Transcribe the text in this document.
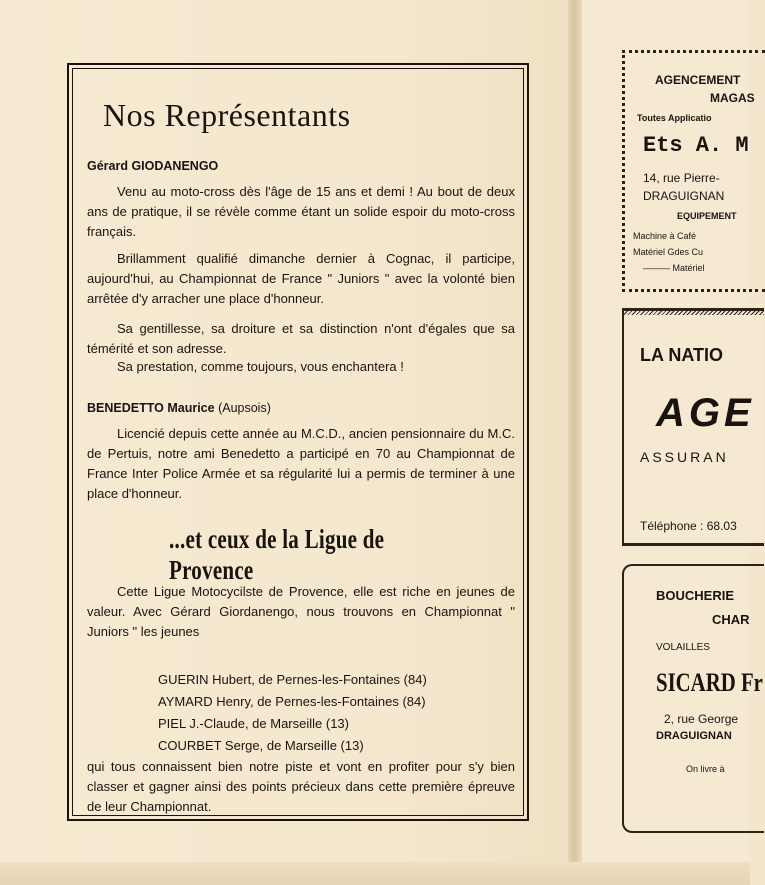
Nos Représentants

Gérard GIODANENGO

Venu au moto-cross dès l'âge de 15 ans et demi ! Au bout de deux ans de pratique, il se révèle comme étant un solide espoir du moto-cross français.

Brillamment qualifié dimanche dernier à Cognac, il participe, aujourd'hui, au Championnat de France " Juniors " avec la volonté bien arrêtée d'y arracher une place d'honneur.

Sa gentillesse, sa droiture et sa distinction n'ont d'égales que sa témérité et son adresse.

Sa prestation, comme toujours, vous enchantera !

BENEDETTO Maurice (Aupsois)

Licencié depuis cette année au M.C.D., ancien pensionnaire du M.C. de Pertuis, notre ami Benedetto a participé en 70 au Championnat de France Inter Police Armée et sa régularité lui a permis de terminer à une place d'honneur.

...et ceux de la Ligue de Provence

Cette Ligue Motocycilste de Provence, elle est riche en jeunes de valeur. Avec Gérard Giordanengo, nous trouvons en Championnat " Juniors " les jeunes

GUERIN Hubert, de Pernes-les-Fontaines (84)
AYMARD Henry, de Pernes-les-Fontaines (84)
PIEL J.-Claude, de Marseille (13)
COURBET Serge, de Marseille (13)

qui tous connaissent bien notre piste et vont en profiter pour s'y bien classer et gagner ainsi des points précieux dans cette première épreuve de leur Championnat.

AGENCEMENT

MAGAS

Toutes Applicatio

Ets A. M

14, rue Pierre-

DRAGUIGNAN

EQUIPEMENT

Machine à Café

Matériel Gdes Cu

——— Matériel

LA NATIO

AGE

ASSURAN

Téléphone : 68.03

BOUCHERIE

CHAR

VOLAILLES

SICARD Fr

2, rue George

DRAGUIGNAN

On livre à
